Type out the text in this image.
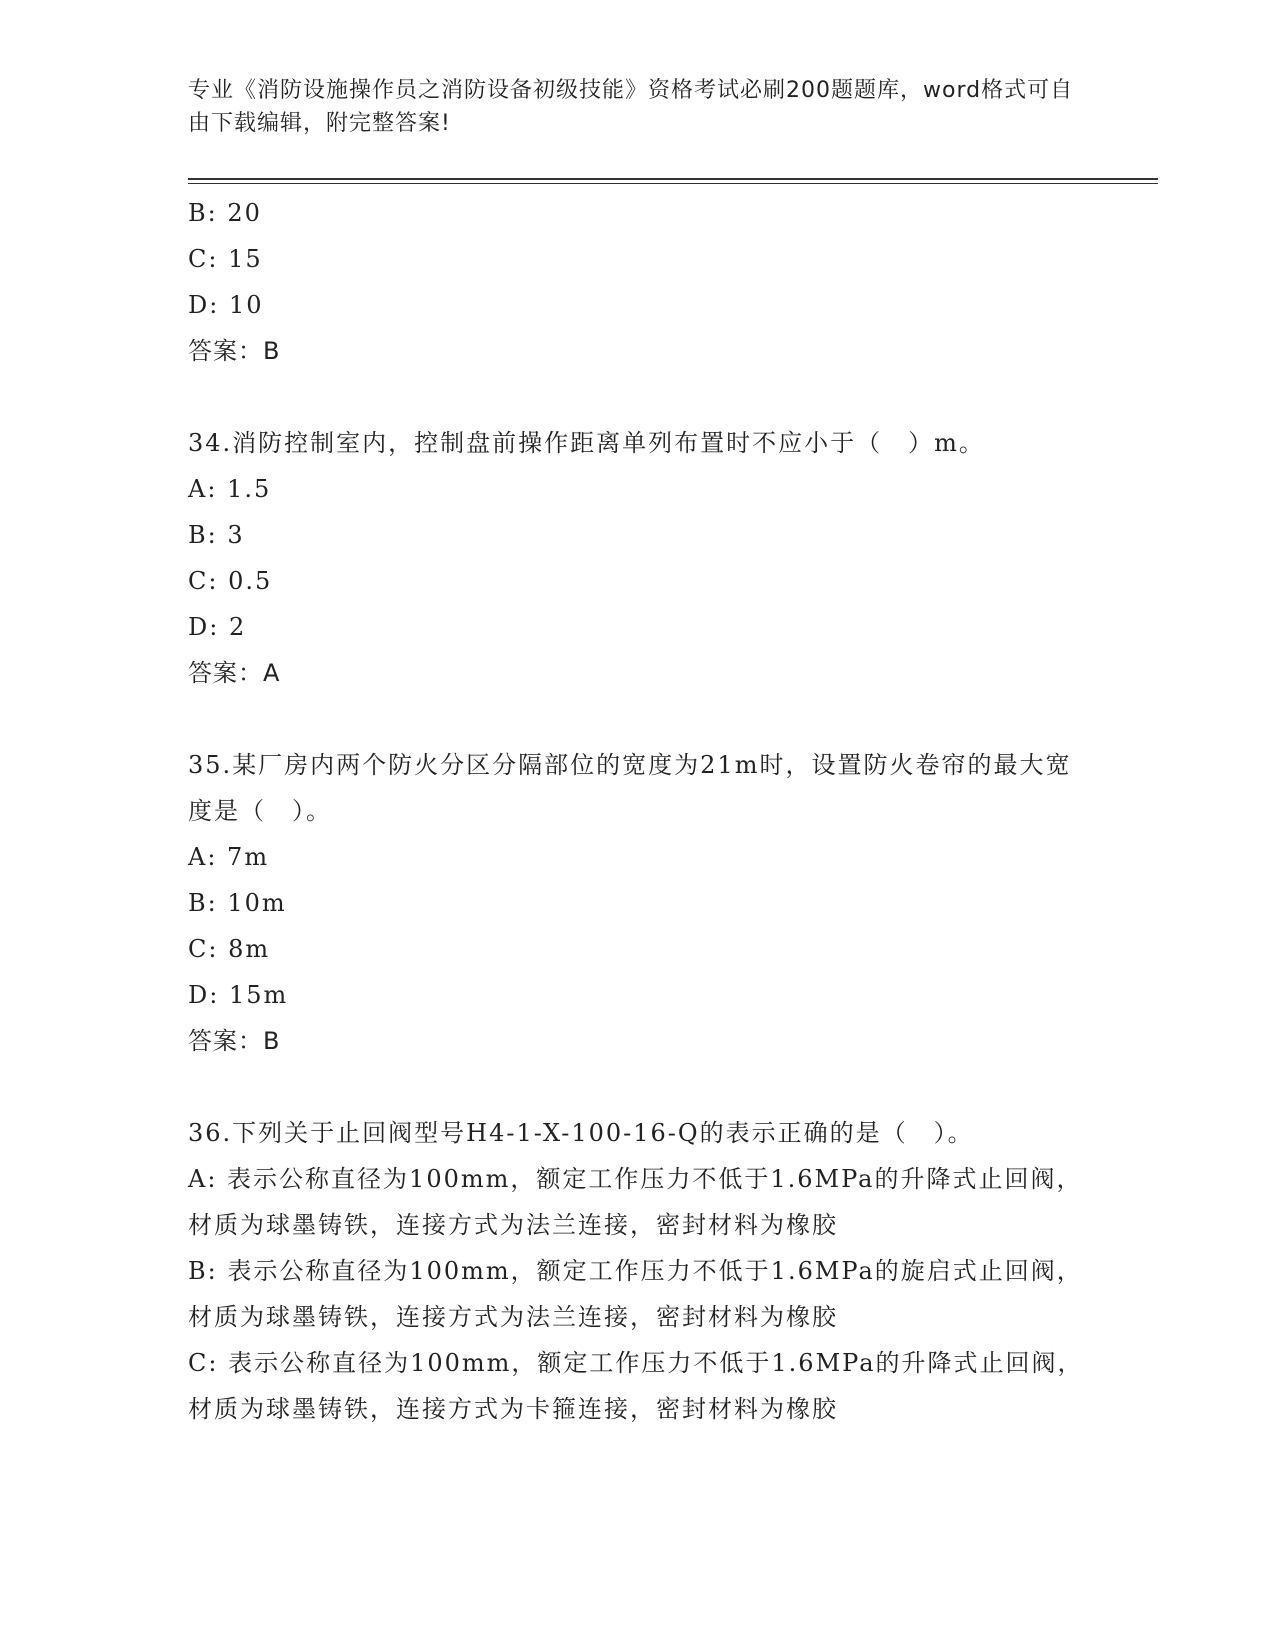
专业《消防设施操作员之消防设备初级技能》资格考试必刷200题题库，word格式可自由下载编辑，附完整答案!
B: 20
C: 15
D: 10
答案：B
34.消防控制室内，控制盘前操作距离单列布置时不应小于（　）m。
A: 1.5
B: 3
C: 0.5
D: 2
答案：A
35.某厂房内两个防火分区分隔部位的宽度为21m时，设置防火卷帘的最大宽度是（　）。
A: 7m
B: 10m
C: 8m
D: 15m
答案：B
36.下列关于止回阀型号H4-1-X-100-16-Q的表示正确的是（　）。
A: 表示公称直径为100mm，额定工作压力不低于1.6MPa的升降式止回阀，材质为球墨铸铁，连接方式为法兰连接，密封材料为橡胶
B: 表示公称直径为100mm，额定工作压力不低于1.6MPa的旋启式止回阀，材质为球墨铸铁，连接方式为法兰连接，密封材料为橡胶
C: 表示公称直径为100mm，额定工作压力不低于1.6MPa的升降式止回阀，材质为球墨铸铁，连接方式为卡箍连接，密封材料为橡胶
